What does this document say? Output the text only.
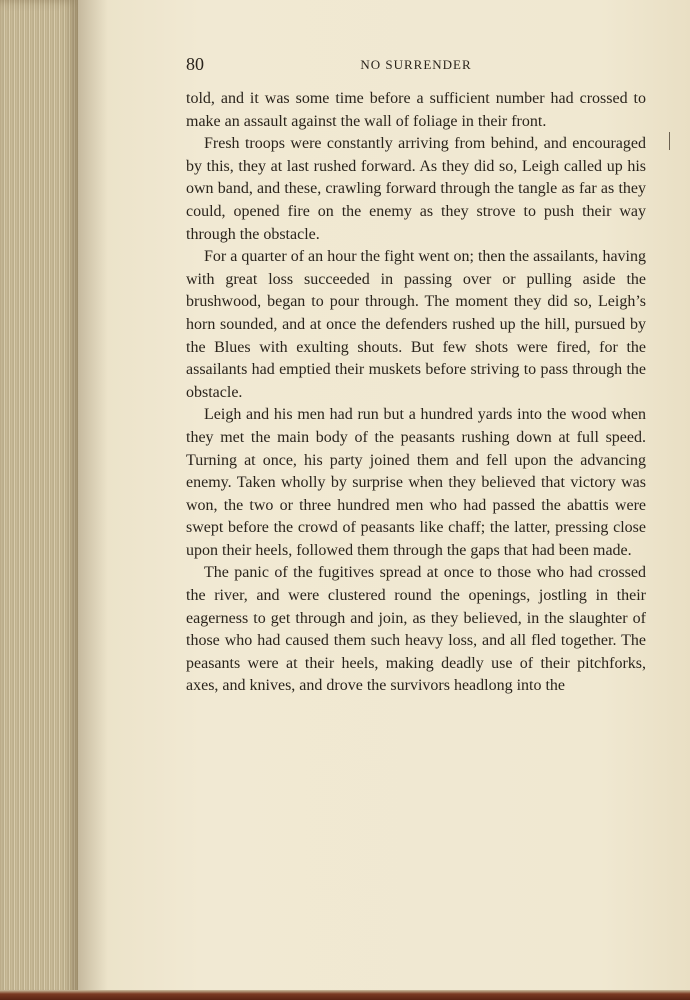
80	NO SURRENDER

told, and it was some time before a sufficient number had crossed to make an assault against the wall of foliage in their front.

Fresh troops were constantly arriving from behind, and encouraged by this, they at last rushed forward. As they did so, Leigh called up his own band, and these, crawling forward through the tangle as far as they could, opened fire on the enemy as they strove to push their way through the obstacle.

For a quarter of an hour the fight went on; then the assailants, having with great loss succeeded in passing over or pulling aside the brushwood, began to pour through. The moment they did so, Leigh’s horn sounded, and at once the defenders rushed up the hill, pursued by the Blues with exulting shouts. But few shots were fired, for the assailants had emptied their muskets before striving to pass through the obstacle.

Leigh and his men had run but a hundred yards into the wood when they met the main body of the peasants rushing down at full speed. Turning at once, his party joined them and fell upon the advancing enemy. Taken wholly by surprise when they believed that victory was won, the two or three hundred men who had passed the abattis were swept before the crowd of peasants like chaff; the latter, pressing close upon their heels, followed them through the gaps that had been made.

The panic of the fugitives spread at once to those who had crossed the river, and were clustered round the openings, jostling in their eagerness to get through and join, as they believed, in the slaughter of those who had caused them such heavy loss, and all fled together. The peasants were at their heels, making deadly use of their pitchforks, axes, and knives, and drove the survivors headlong into the
